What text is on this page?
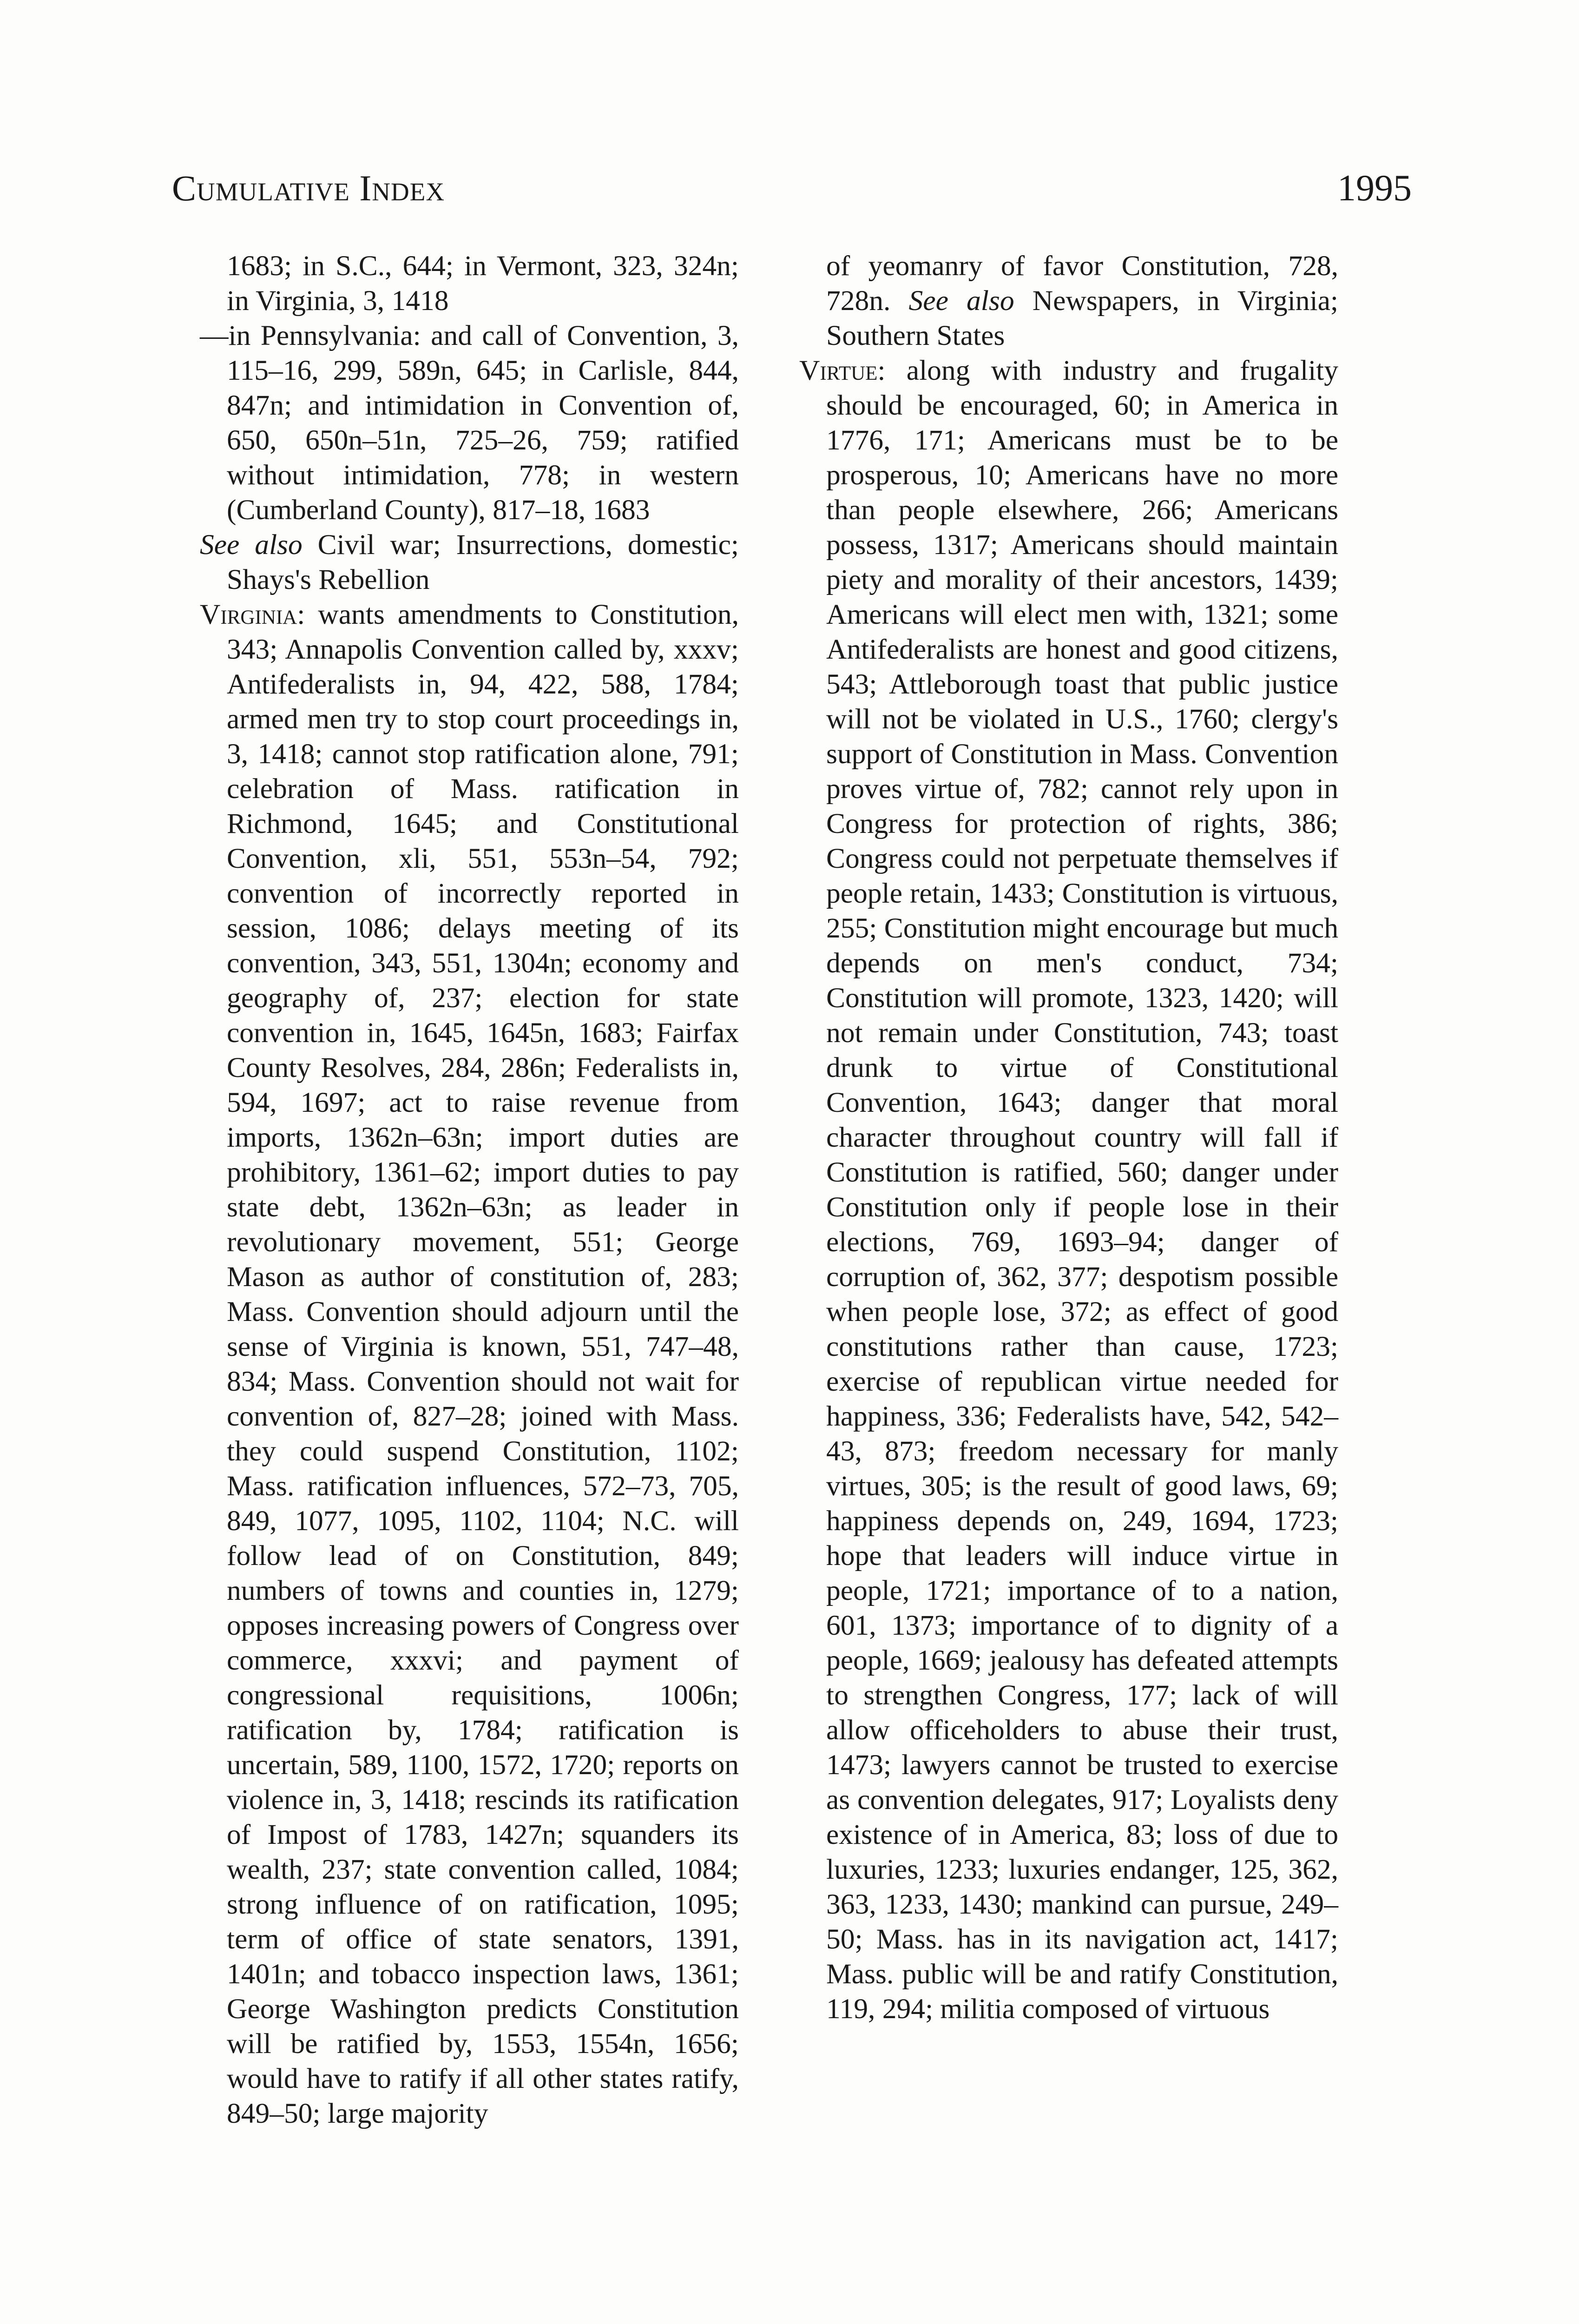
Cumulative Index	1995

1683; in S.C., 644; in Vermont, 323, 324n; in Virginia, 3, 1418

—in Pennsylvania: and call of Convention, 3, 115–16, 299, 589n, 645; in Carlisle, 844, 847n; and intimidation in Convention of, 650, 650n–51n, 725–26, 759; ratified without intimidation, 778; in western (Cumberland County), 817–18, 1683

See also Civil war; Insurrections, domestic; Shays's Rebellion

Virginia: wants amendments to Constitution, 343; Annapolis Convention called by, xxxv; Antifederalists in, 94, 422, 588, 1784; armed men try to stop court proceedings in, 3, 1418; cannot stop ratification alone, 791; celebration of Mass. ratification in Richmond, 1645; and Constitutional Convention, xli, 551, 553n–54, 792; convention of incorrectly reported in session, 1086; delays meeting of its convention, 343, 551, 1304n; economy and geography of, 237; election for state convention in, 1645, 1645n, 1683; Fairfax County Resolves, 284, 286n; Federalists in, 594, 1697; act to raise revenue from imports, 1362n–63n; import duties are prohibitory, 1361–62; import duties to pay state debt, 1362n–63n; as leader in revolutionary movement, 551; George Mason as author of constitution of, 283; Mass. Convention should adjourn until the sense of Virginia is known, 551, 747–48, 834; Mass. Convention should not wait for convention of, 827–28; joined with Mass. they could suspend Constitution, 1102; Mass. ratification influences, 572–73, 705, 849, 1077, 1095, 1102, 1104; N.C. will follow lead of on Constitution, 849; numbers of towns and counties in, 1279; opposes increasing powers of Congress over commerce, xxxvi; and payment of congressional requisitions, 1006n; ratification by, 1784; ratification is uncertain, 589, 1100, 1572, 1720; reports on violence in, 3, 1418; rescinds its ratification of Impost of 1783, 1427n; squanders its wealth, 237; state convention called, 1084; strong influence of on ratification, 1095; term of office of state senators, 1391, 1401n; and tobacco inspection laws, 1361; George Washington predicts Constitution will be ratified by, 1553, 1554n, 1656; would have to ratify if all other states ratify, 849–50; large majority

of yeomanry of favor Constitution, 728, 728n. See also Newspapers, in Virginia; Southern States

Virtue: along with industry and frugality should be encouraged, 60; in America in 1776, 171; Americans must be to be prosperous, 10; Americans have no more than people elsewhere, 266; Americans possess, 1317; Americans should maintain piety and morality of their ancestors, 1439; Americans will elect men with, 1321; some Antifederalists are honest and good citizens, 543; Attleborough toast that public justice will not be violated in U.S., 1760; clergy's support of Constitution in Mass. Convention proves virtue of, 782; cannot rely upon in Congress for protection of rights, 386; Congress could not perpetuate themselves if people retain, 1433; Constitution is virtuous, 255; Constitution might encourage but much depends on men's conduct, 734; Constitution will promote, 1323, 1420; will not remain under Constitution, 743; toast drunk to virtue of Constitutional Convention, 1643; danger that moral character throughout country will fall if Constitution is ratified, 560; danger under Constitution only if people lose in their elections, 769, 1693–94; danger of corruption of, 362, 377; despotism possible when people lose, 372; as effect of good constitutions rather than cause, 1723; exercise of republican virtue needed for happiness, 336; Federalists have, 542, 542–43, 873; freedom necessary for manly virtues, 305; is the result of good laws, 69; happiness depends on, 249, 1694, 1723; hope that leaders will induce virtue in people, 1721; importance of to a nation, 601, 1373; importance of to dignity of a people, 1669; jealousy has defeated attempts to strengthen Congress, 177; lack of will allow officeholders to abuse their trust, 1473; lawyers cannot be trusted to exercise as convention delegates, 917; Loyalists deny existence of in America, 83; loss of due to luxuries, 1233; luxuries endanger, 125, 362, 363, 1233, 1430; mankind can pursue, 249–50; Mass. has in its navigation act, 1417; Mass. public will be and ratify Constitution, 119, 294; militia composed of virtuous
